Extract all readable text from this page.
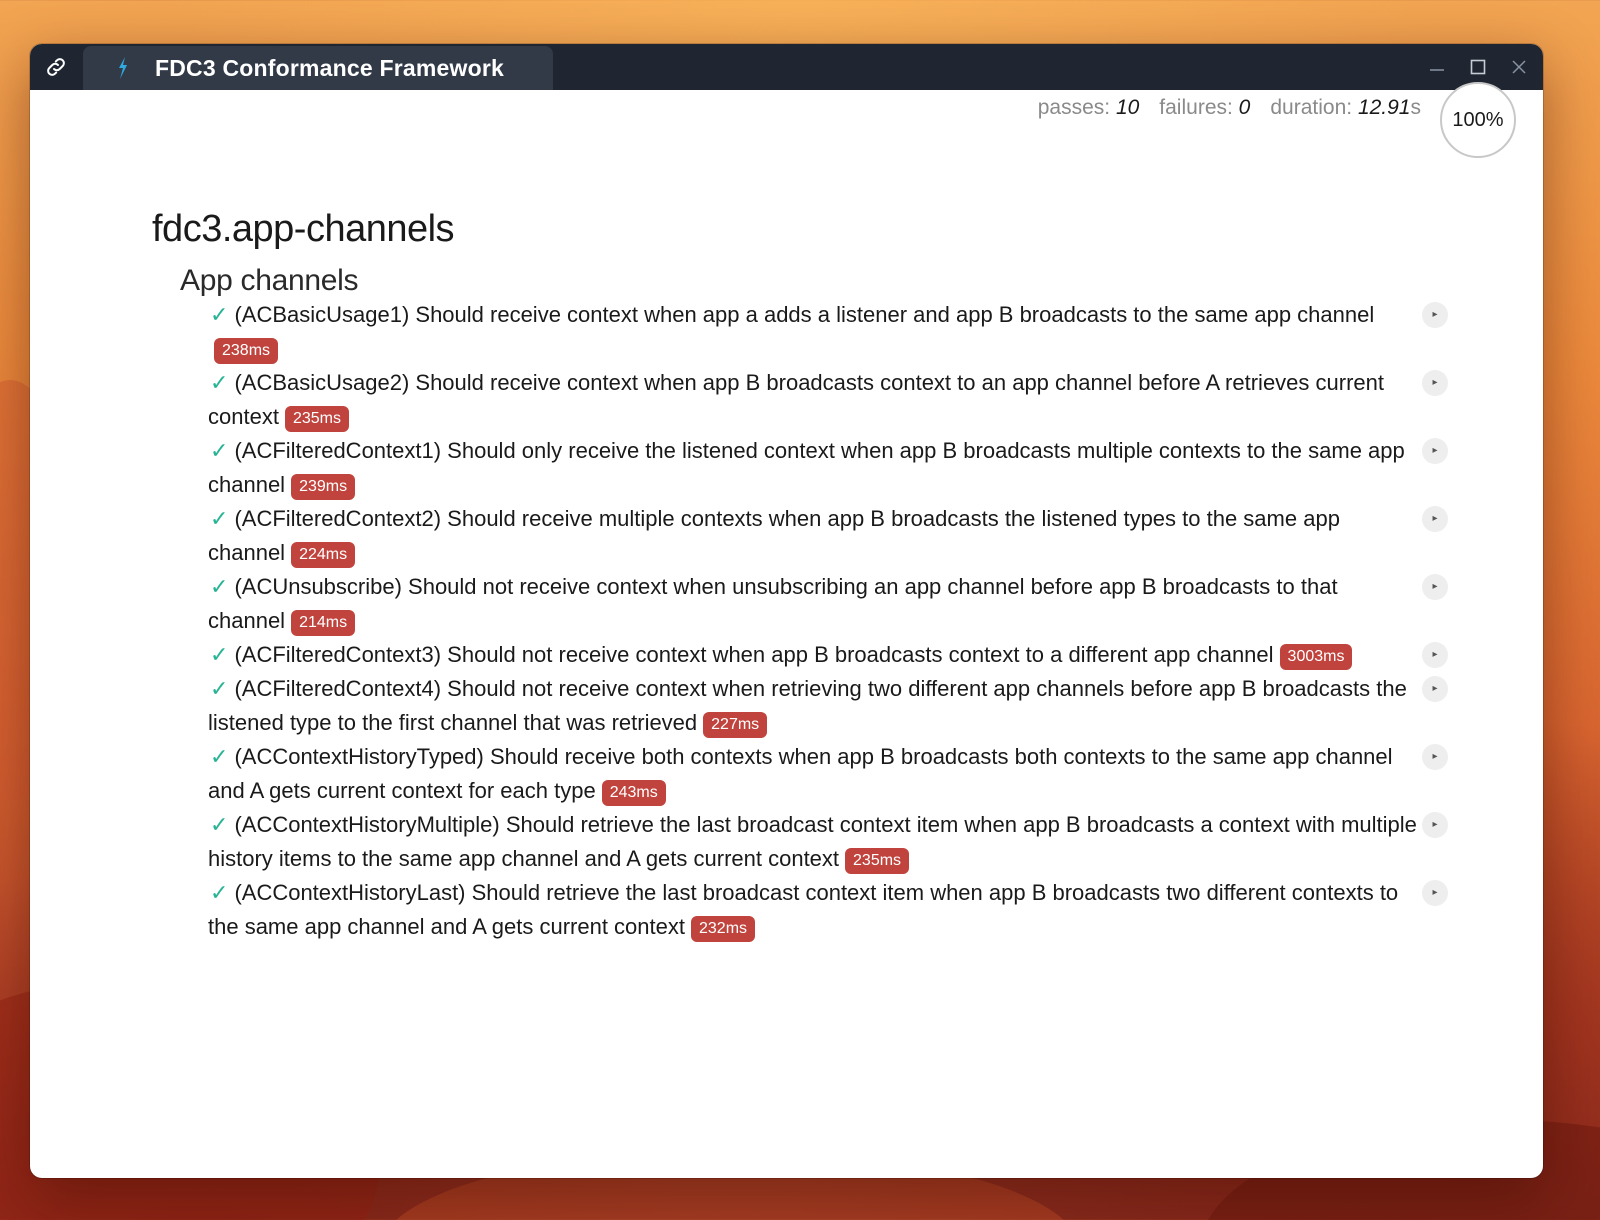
FDC3 Conformance Framework
passes: 10 failures: 0 duration: 12.91s
100%
fdc3.app-channels
App channels
✓ (ACBasicUsage1) Should receive context when app a adds a listener and app B broadcasts to the same app channel238ms
▸
✓ (ACBasicUsage2) Should receive context when app B broadcasts context to an app channel before A retrieves current context 235ms
▸
✓ (ACFilteredContext1) Should only receive the listened context when app B broadcasts multiple contexts to the same app channel 239ms
▸
✓ (ACFilteredContext2) Should receive multiple contexts when app B broadcasts the listened types to the same app channel 224ms
▸
✓ (ACUnsubscribe) Should not receive context when unsubscribing an app channel before app B broadcasts to that channel 214ms
▸
✓ (ACFilteredContext3) Should not receive context when app B broadcasts context to a different app channel 3003ms	▸
✓ (ACFilteredContext4) Should not receive context when retrieving two different app channels before app B broadcasts the listened type to the first channel that was retrieved 227ms
▸
✓ (ACContextHistoryTyped) Should receive both contexts when app B broadcasts both contexts to the same app channel and A gets current context for each type 243ms
▸
✓ (ACContextHistoryMultiple) Should retrieve the last broadcast context item when app B broadcasts a context with multiple history items to the same app channel and A gets current context 235ms
▸
✓ (ACContextHistoryLast) Should retrieve the last broadcast context item when app B broadcasts two different contexts to the same app channel and A gets current context 232ms
▸
